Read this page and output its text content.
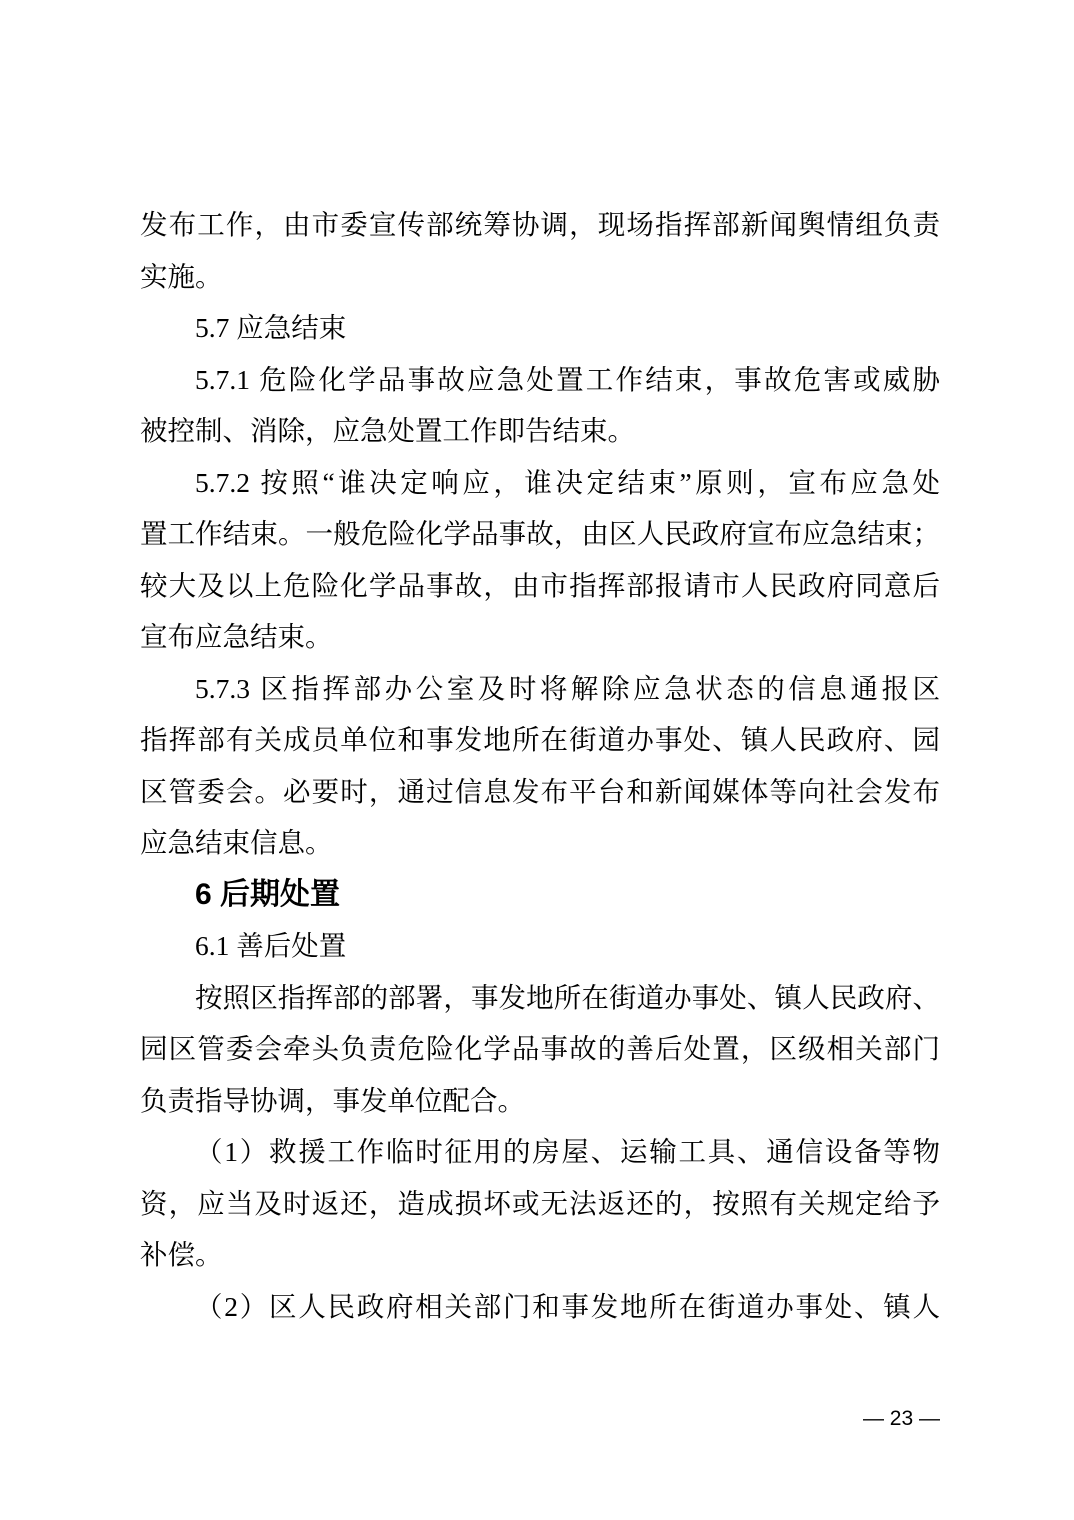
发布工作，由市委宣传部统筹协调，现场指挥部新闻舆情组负责
实施。
5.7 应急结束
5.7.1 危险化学品事故应急处置工作结束，事故危害或威胁
被控制、消除，应急处置工作即告结束。
5.7.2 按照“谁决定响应，谁决定结束”原则，宣布应急处
置工作结束。一般危险化学品事故，由区人民政府宣布应急结束；
较大及以上危险化学品事故，由市指挥部报请市人民政府同意后
宣布应急结束。
5.7.3 区指挥部办公室及时将解除应急状态的信息通报区
指挥部有关成员单位和事发地所在街道办事处、镇人民政府、园
区管委会。必要时，通过信息发布平台和新闻媒体等向社会发布
应急结束信息。
6 后期处置
6.1 善后处置
按照区指挥部的部署，事发地所在街道办事处、镇人民政府、
园区管委会牵头负责危险化学品事故的善后处置，区级相关部门
负责指导协调，事发单位配合。
（1）救援工作临时征用的房屋、运输工具、通信设备等物
资，应当及时返还，造成损坏或无法返还的，按照有关规定给予
补偿。
（2）区人民政府相关部门和事发地所在街道办事处、镇人
— 23 —
